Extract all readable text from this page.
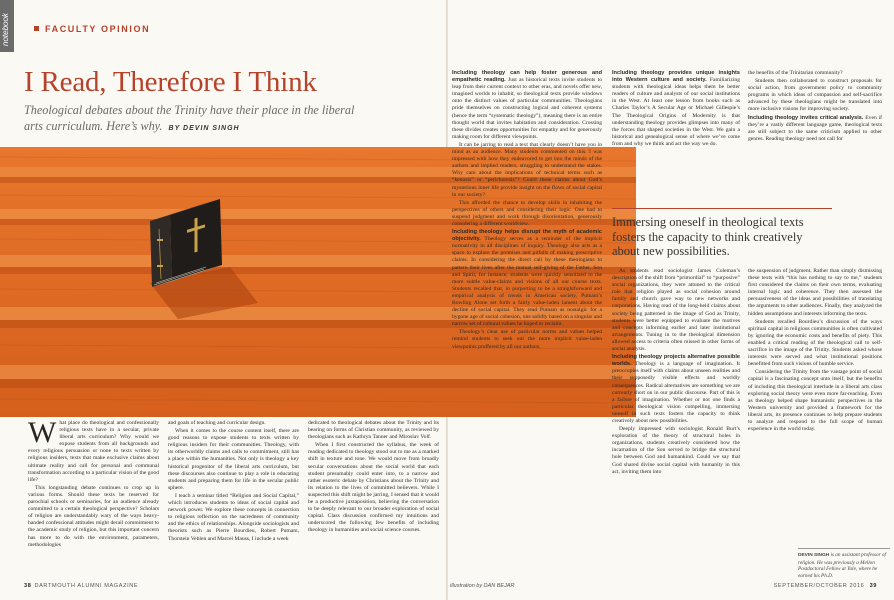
notebook	FACULTY OPINION
I Read, Therefore I Think
Theological debates about the Trinity have their place in the liberal arts curriculum. Here’s why. BY DEVIN SINGH
illustration by DAN BEJAR

What place do theological and confessionally religious texts have in a secular, private liberal arts curriculum? Why would we expose students from all backgrounds and every religious persuasion or none to texts written by religious insiders, texts that make exclusive claims about ultimate reality and call for personal and communal transformation according to a particular vision of the good life?

This longstanding debate continues to crop up in various forms. Should these texts be reserved for parochial schools or seminaries, for an audience already committed to a certain theological perspective? Scholars of religion are understandably wary of the ways heavy-handed confessional attitudes might derail commitment to the academic study of religion, but this important concern has more to do with the environment, parameters, methodologies

and goals of teaching and curricular design.

When it comes to the course content itself, there are good reasons to expose students to texts written by religious insiders for their communities. Theology, with its otherworldly claims and calls to commitment, still has a place within the humanities. Not only is theology a key historical progenitor of the liberal arts curriculum, but these discourses also continue to play a role in educating students and preparing them for life in the secular public sphere.

I teach a seminar titled “Religion and Social Capital,” which introduces students to ideas of social capital and network power. We explore these concepts in connection to religious reflection on the sacredness of community and the ethics of relationships. Alongside sociologists and theorists such as Pierre Bourdieu, Robert Putnam, Thorstein Veblen and Marcel Mauss, I include a week

dedicated to theological debates about the Trinity and its bearing on forms of Christian community, as reviewed by theologians such as Kathryn Tanner and Miroslav Volf.

When I first constructed the syllabus, the week of reading dedicated to theology stood out to me as a marked shift in texture and tone. We would move from broadly secular conversations about the social world that each student presumably could enter into, to a narrow and rather esoteric debate by Christians about the Trinity and its relation to the lives of committed believers. While I suspected this shift might be jarring, I sensed that it would be a productive juxtaposition, believing the conversation to be deeply relevant to our broader exploration of social capital. Class discussion confirmed my intuitions and underscored the following few benefits of including theology in humanities and social science courses.

Including theology can help foster generous and empathetic reading. Just as historical texts invite students to leap from their current context to other eras, and novels offer new, imagined worlds to inhabit, so theological texts provide windows onto the distinct values of particular communities. Theologians pride themselves on constructing logical and coherent systems (hence the term “systematic theology”), meaning there is an entire thought world that invites habitation and consideration. Crossing these divides creates opportunities for empathy and for generously making room for different viewpoints.

It can be jarring to read a text that clearly doesn’t have you in mind as an audience. Many students commented on this. I was impressed with how they endeavored to get into the minds of the authors and implied readers, struggling to understand the stakes. Why care about the implications of technical terms such as “kenosis” or “perichoresis”? Could these claims about God’s mysterious inner life provide insight on the flows of social capital in our society?

This afforded the chance to develop skills in inhabiting the perspectives of others and considering their logic. One had to suspend judgment and work through disorientation, generously considering a different worldview.

Including theology helps disrupt the myth of academic objectivity. Theology serves as a reminder of the implicit normativity in all disciplines of inquiry. Theology also acts as a space to explore the premises and pitfalls of making prescriptive claims. In considering the direct call by these theologians to pattern their lives after the mutual self-giving of the Father, Son and Spirit, for instance, students were quickly sensitized to the more subtle value-claims and visions of all our course texts. Students recalled that, in purporting to be a straightforward and empirical analysis of trends in American society, Putnam’s Bowling Alone set forth a fairly value-laden lament about the decline of social capital. They read Putnam as nostalgic for a bygone age of social cohesion, one solidly based on a singular and narrow set of cultural values he hoped to reclaim.

Theology’s clear use of particular norms and values helped remind students to seek out the more implicit value-laden viewpoints proffered by all our authors.

Including theology provides unique insights into Western culture and society. Familiarizing students with theological ideas helps them be better readers of culture and analysts of our social institutions in the West. At least one lesson from books such as Charles Taylor’s A Secular Age or Michael Gillespie’s The Theological Origins of Modernity is that understanding theology provides glimpses into many of the forces that shaped societies in the West. We gain a historical and genealogical sense of where we’ve come from and why we think and act the way we do.

the benefits of the Trinitarian community?

Students then collaborated to construct proposals for social action, from government policy to community programs in which ideas of compassion and self-sacrifice advanced by these theologians might be translated into more inclusive visions for improving society.

Including theology invites critical analysis. Even if they’re a vastly different language game, theological texts are still subject to the same criticism applied to other genres. Reading theology need not call for

Immersing oneself in theological texts fosters the capacity to think creatively about new possibilities.

As students read sociologist James Coleman’s description of the shift from “primordial” to “purposive” social organizations, they were attuned to the critical role that religion played as social cohesion around family and church gave way to new networks and corporations. Having read of the long-held claims about society being patterned in the image of God as Trinity, students were better equipped to evaluate the motives and concepts informing earlier and later institutional arrangements. Tuning in to the theological dimension allowed access to criteria often missed in other forms of social analysis.

Including theology projects alternative possible worlds. Theology is a language of imagination. It preoccupies itself with claims about unseen realities and their supposedly visible effects and worldly consequences. Radical alternatives are something we are currently short on in our public discourse. Part of this is a failure of imagination. Whether or not one finds a particular theological vision compelling, immersing oneself in such texts fosters the capacity to think creatively about new possibilities.

Deeply impressed with sociologist Ronald Burt’s exploration of the theory of structural holes in organizations, students creatively considered how the incarnation of the Son served to bridge the structural hole between God and humankind. Could we say that God shared divine social capital with humanity in this act, inviting them into

the suspension of judgment. Rather than simply dismissing these texts with “this has nothing to say to me,” students first considered the claims on their own terms, evaluating internal logic and coherence. They then assessed the persuasiveness of the ideas and possibilities of translating the arguments to other audiences. Finally, they analyzed the hidden assumptions and interests informing the texts.

Students recalled Bourdieu’s discussion of the ways spiritual capital in religious communities is often cultivated by ignoring the economic costs and benefits of piety. This enabled a critical reading of the theological call to self-sacrifice in the image of the Trinity. Students asked whose interests were served and what institutional positions benefitted from such visions of humble service.

Considering the Trinity from the vantage point of social capital is a fascinating concept unto itself, but the benefits of including this theological interlude in a liberal arts class exploring social theory were even more far-reaching. Even as theology helped shape humanistic perspectives in the Western university and provided a framework for the liberal arts, its presence continues to help prepare students to analyze and respond to the full scope of human experience in the world today.

DEVIN SINGH is an assistant professor of religion. He was previously a Mellon Postdoctoral Fellow at Yale, where he earned his Ph.D.
38 DARTMOUTH ALUMNI MAGAZINE	SEPTEMBER/OCTOBER 2016 39
